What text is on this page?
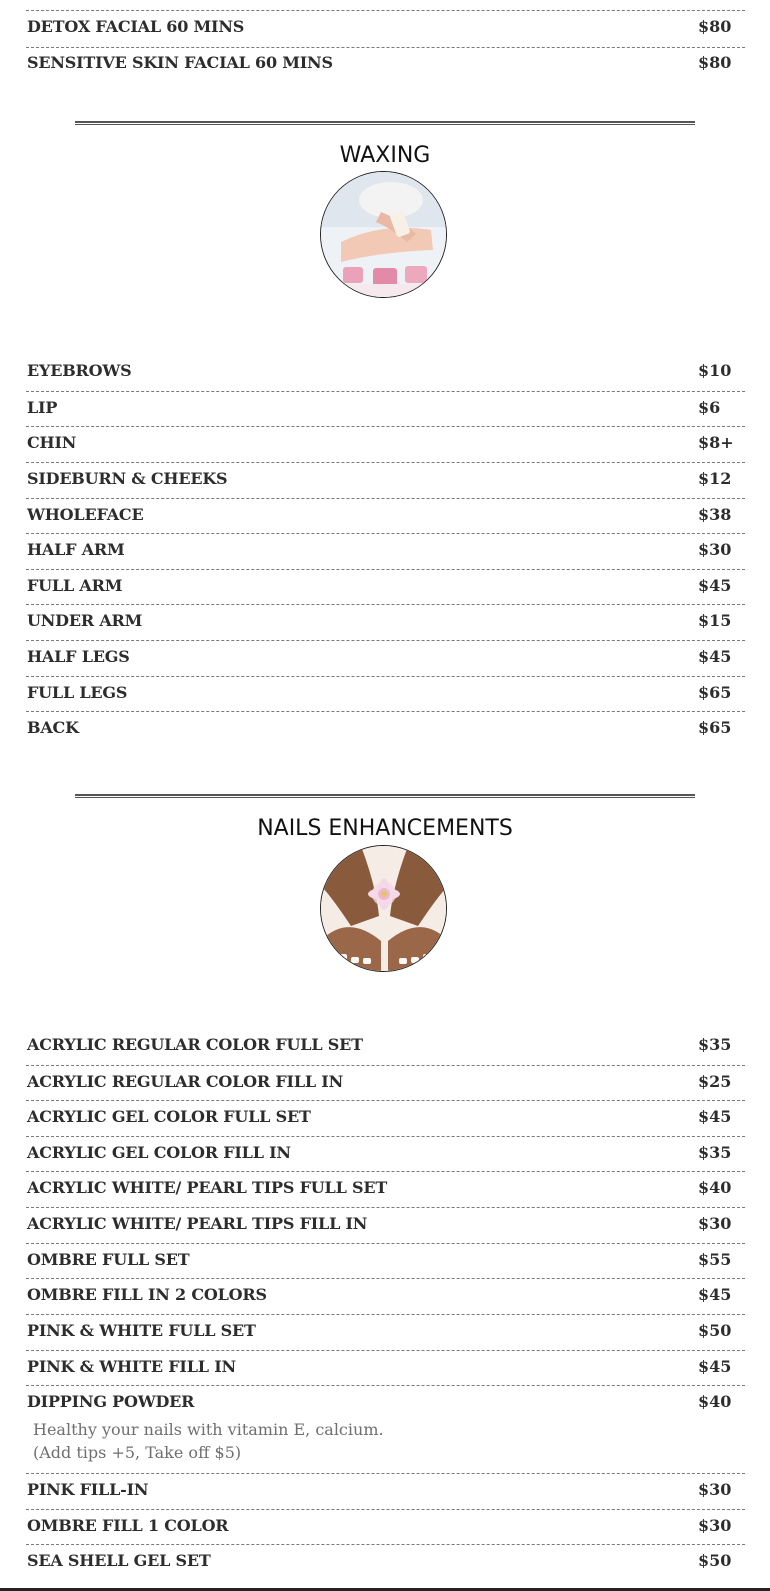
DETOX FACIAL 60 MINS	$80
SENSITIVE SKIN FACIAL 60 MINS	$80
WAXING
EYEBROWS	$10
LIP	$6
CHIN	$8+
SIDEBURN & CHEEKS	$12
WHOLEFACE	$38
HALF ARM	$30
FULL ARM	$45
UNDER ARM	$15
HALF LEGS	$45
FULL LEGS	$65
BACK	$65
NAILS ENHANCEMENTS
ACRYLIC REGULAR COLOR FULL SET	$35
ACRYLIC REGULAR COLOR FILL IN	$25
ACRYLIC GEL COLOR FULL SET	$45
ACRYLIC GEL COLOR FILL IN	$35
ACRYLIC WHITE/ PEARL TIPS FULL SET	$40
ACRYLIC WHITE/ PEARL TIPS FILL IN	$30
OMBRE FULL SET	$55
OMBRE FILL IN 2 COLORS	$45
PINK & WHITE FULL SET	$50
PINK & WHITE FILL IN	$45
DIPPING POWDER	$40
Healthy your nails with vitamin E, calcium.
(Add tips +5, Take off $5)
PINK FILL-IN	$30
OMBRE FILL 1 COLOR	$30
SEA SHELL GEL SET	$50
